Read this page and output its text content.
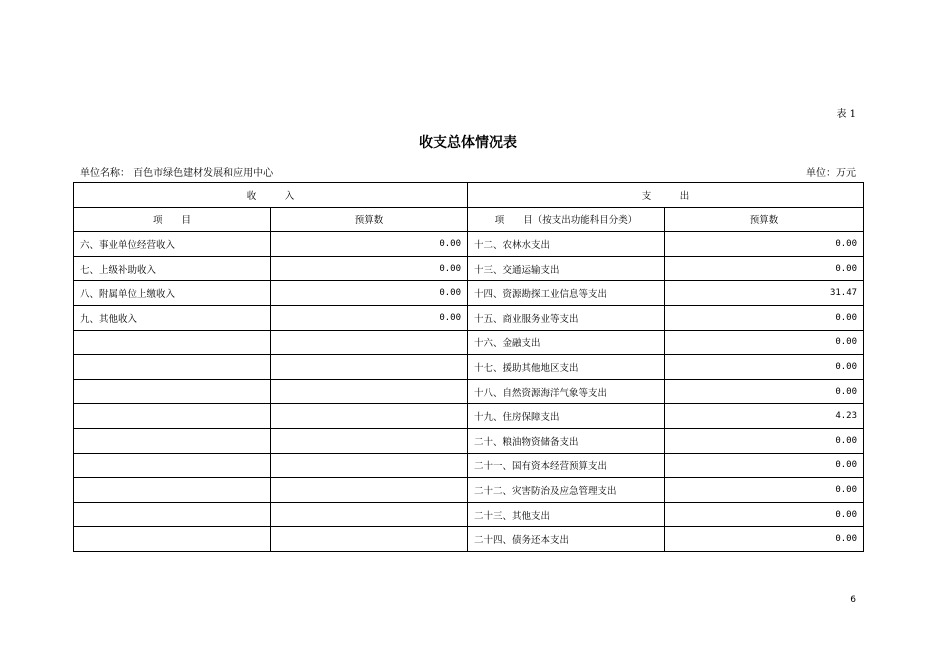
表 1
收支总体情况表
单位名称： 百色市绿色建材发展和应用中心	单位：万元
收　　　入		支　　　出	
项　　目	预算数	项　　目（按支出功能科目分类）	预算数
六、事业单位经营收入	0.00	十二、农林水支出	0.00
七、上级补助收入	0.00	十三、交通运输支出	0.00
八、附属单位上缴收入	0.00	十四、资源勘探工业信息等支出	31.47
九、其他收入	0.00	十五、商业服务业等支出	0.00
		十六、金融支出	0.00
		十七、援助其他地区支出	0.00
		十八、自然资源海洋气象等支出	0.00
		十九、住房保障支出	4.23
		二十、粮油物资储备支出	0.00
		二十一、国有资本经营预算支出	0.00
		二十二、灾害防治及应急管理支出	0.00
		二十三、其他支出	0.00
		二十四、债务还本支出	0.00
6
